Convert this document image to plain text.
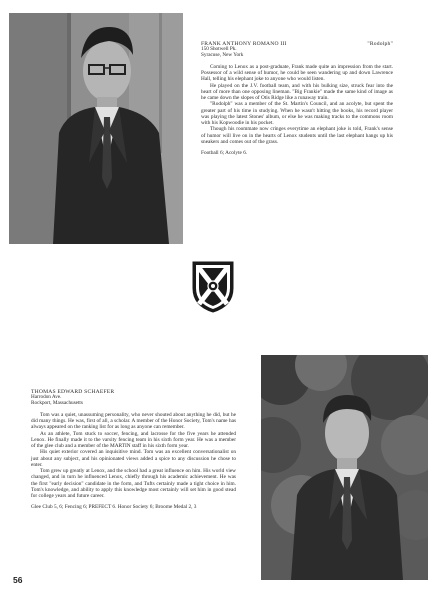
FRANK ANTHONY ROMANO III	"Rodolph"
150 Shotwell Pk.
Syracuse, New York

Coming to Lenox as a post-graduate, Frank made quite an impression from the start. Possessor of a wild sense of humor, he could be seen wandering up and down Lawrence Hall, telling his elephant joke to anyone who would listen.

He played on the J.V. football team, and with his bulking size, struck fear into the heart of more than one opposing lineman. "Big Frankie" made the same kind of image as he came down the slopes of Otis Ridge like a runaway train.

"Rodolph" was a member of the St. Martin's Council, and an acolyte, but spent the greater part of his time in studying. When he wasn't hitting the books, his record player was playing the latest Stones' album, or else he was making tracks to the commons room with his Kopwoodie in his pocket.

Though his roommate now cringes everytime an elephant joke is told, Frank's sense of humor will live on in the hearts of Lenox students until the last elephant hangs up his sneakers and comes out of the grass.

Football 6; Acolyte 6.

THOMAS EDWARD SCHAEFER
Harrodon Ave.
Rockport, Massachusetts

Tom was a quiet, unassuming personality, who never shouted about anything he did, but he did many things. He was, first of all, a scholar. A member of the Honor Society, Tom's name has always appeared on the ranking list for as long as anyone can remember.

As an athlete, Tom stuck to soccer, fencing, and lacrosse for the five years he attended Lenox. He finally made it to the varsity fencing team in his sixth form year. He was a member of the glee club and a member of the MARTIN staff in his sixth form year.

His quiet exterior covered an inquisitive mind. Tom was an excellent conversationalist on just about any subject, and his opinionated views added a spice to any discussion he chose to enter.

Tom grew up greatly at Lenox, and the school had a great influence on him. His world view changed, and in turn he influenced Lenox, chiefly through his academic achievement. He was the first "early decision" candidate in the form, and Tufts certainly made a tight choice in him. Tom's knowledge, and ability to apply this knowledge most certainly will set him in good stead for college years and future career.

Glee Club 5, 6; Fencing 6; PREFECT 6. Honor Society 6; Broome Medal 2, 3

56
